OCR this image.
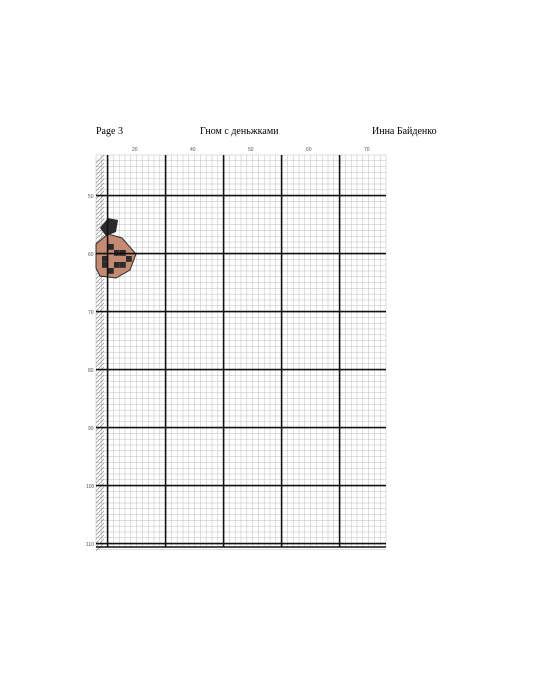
Page 3	Гном с деньжками	Инна Байденко
20	40	50	60	70
50
60
70
80
90
100
110
